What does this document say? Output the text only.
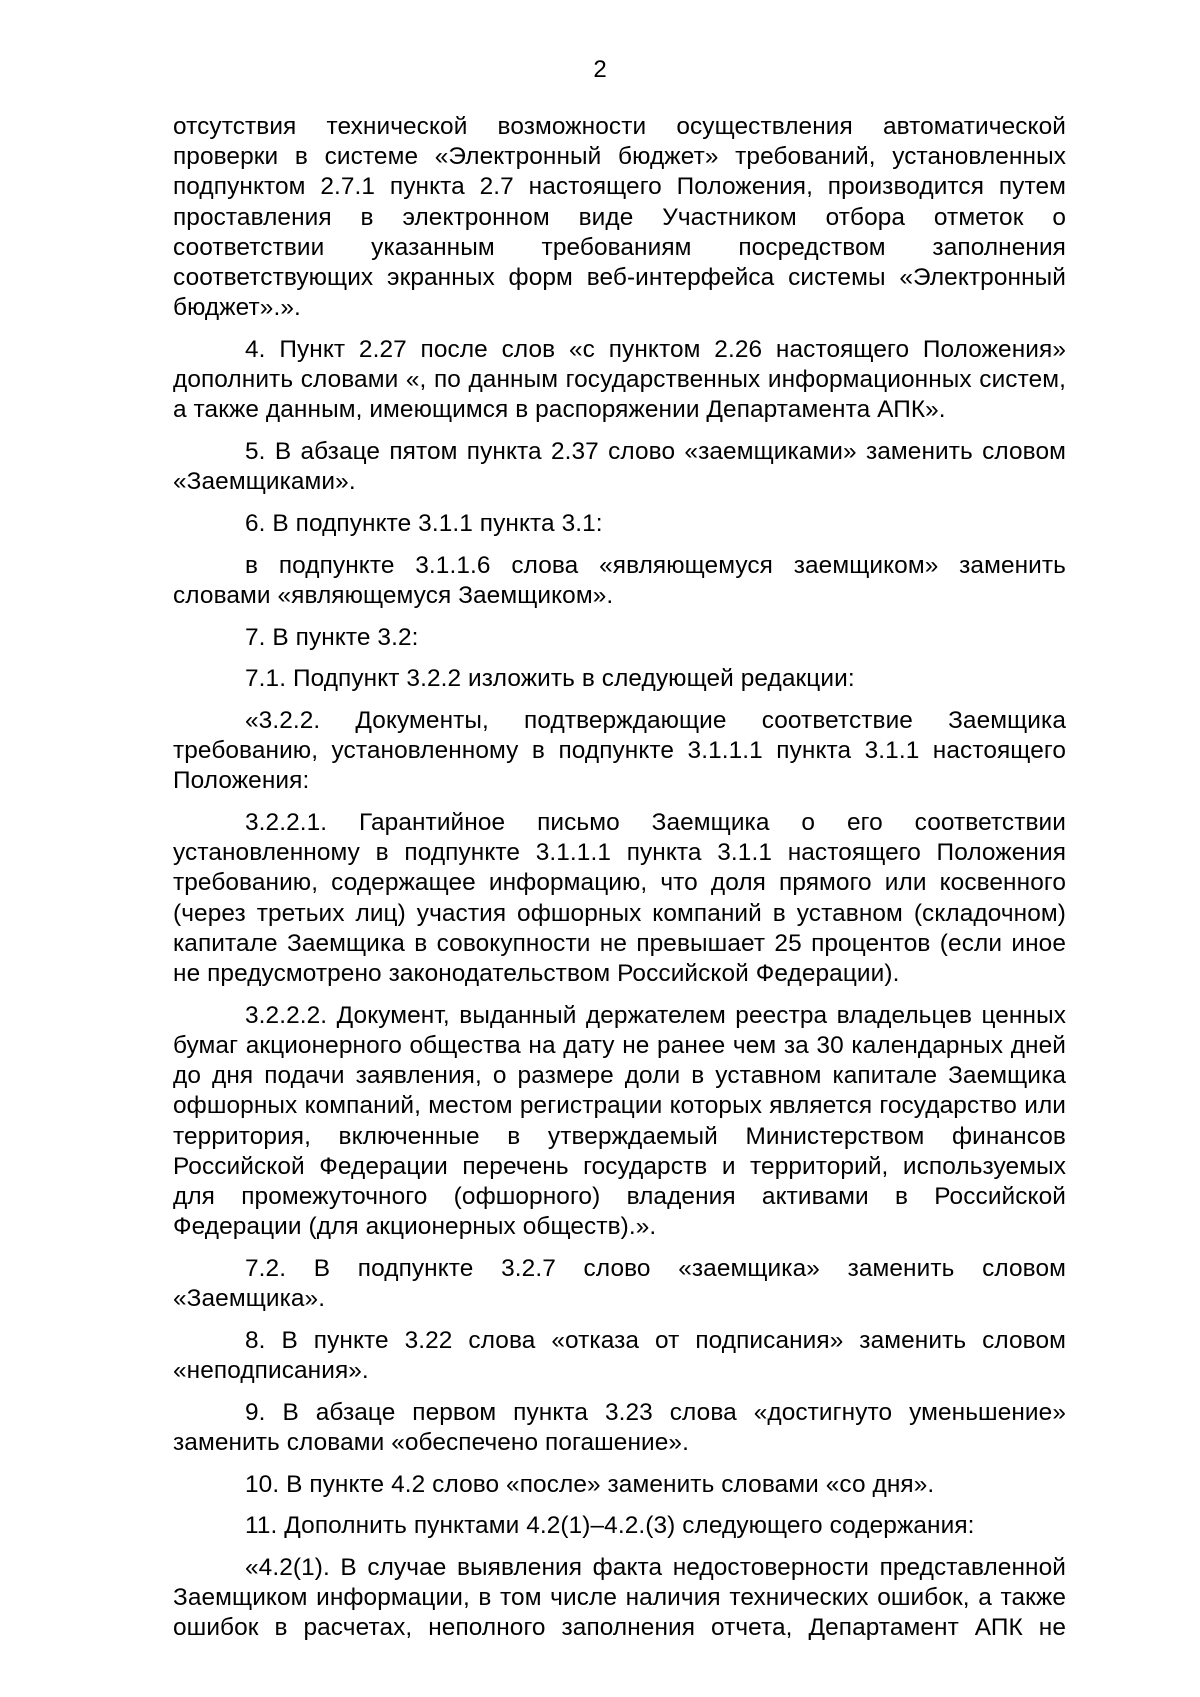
2

отсутствия технической возможности осуществления автоматической проверки в системе «Электронный бюджет» требований, установленных подпунктом 2.7.1 пункта 2.7 настоящего Положения, производится путем проставления в электронном виде Участником отбора отметок о соответствии указанным требованиям посредством заполнения соответствующих экранных форм веб-интерфейса системы «Электронный бюджет».».

4. Пункт 2.27 после слов «с пунктом 2.26 настоящего Положения» дополнить словами «, по данным государственных информационных систем, а также данным, имеющимся в распоряжении Департамента АПК».

5. В абзаце пятом пункта 2.37 слово «заемщиками» заменить словом «Заемщиками».

6. В подпункте 3.1.1 пункта 3.1:

в подпункте 3.1.1.6 слова «являющемуся заемщиком» заменить словами «являющемуся Заемщиком».

7. В пункте 3.2:

7.1. Подпункт 3.2.2 изложить в следующей редакции:

«3.2.2. Документы, подтверждающие соответствие Заемщика требованию, установленному в подпункте 3.1.1.1 пункта 3.1.1 настоящего Положения:

3.2.2.1. Гарантийное письмо Заемщика о его соответствии установленному в подпункте 3.1.1.1 пункта 3.1.1 настоящего Положения требованию, содержащее информацию, что доля прямого или косвенного (через третьих лиц) участия офшорных компаний в уставном (складочном) капитале Заемщика в совокупности не превышает 25 процентов (если иное не предусмотрено законодательством Российской Федерации).

3.2.2.2. Документ, выданный держателем реестра владельцев ценных бумаг акционерного общества на дату не ранее чем за 30 календарных дней до дня подачи заявления, о размере доли в уставном капитале Заемщика офшорных компаний, местом регистрации которых является государство или территория, включенные в утверждаемый Министерством финансов Российской Федерации перечень государств и территорий, используемых для промежуточного (офшорного) владения активами в Российской Федерации (для акционерных обществ).».

7.2. В подпункте 3.2.7 слово «заемщика» заменить словом «Заемщика».

8. В пункте 3.22 слова «отказа от подписания» заменить словом «неподписания».

9. В абзаце первом пункта 3.23 слова «достигнуто уменьшение» заменить словами «обеспечено погашение».

10. В пункте 4.2 слово «после» заменить словами «со дня».

11. Дополнить пунктами 4.2(1)–4.2.(3) следующего содержания:

«4.2(1). В случае выявления факта недостоверности представленной Заемщиком информации, в том числе наличия технических ошибок, а также ошибок в расчетах, неполного заполнения отчета, Департамент АПК не
